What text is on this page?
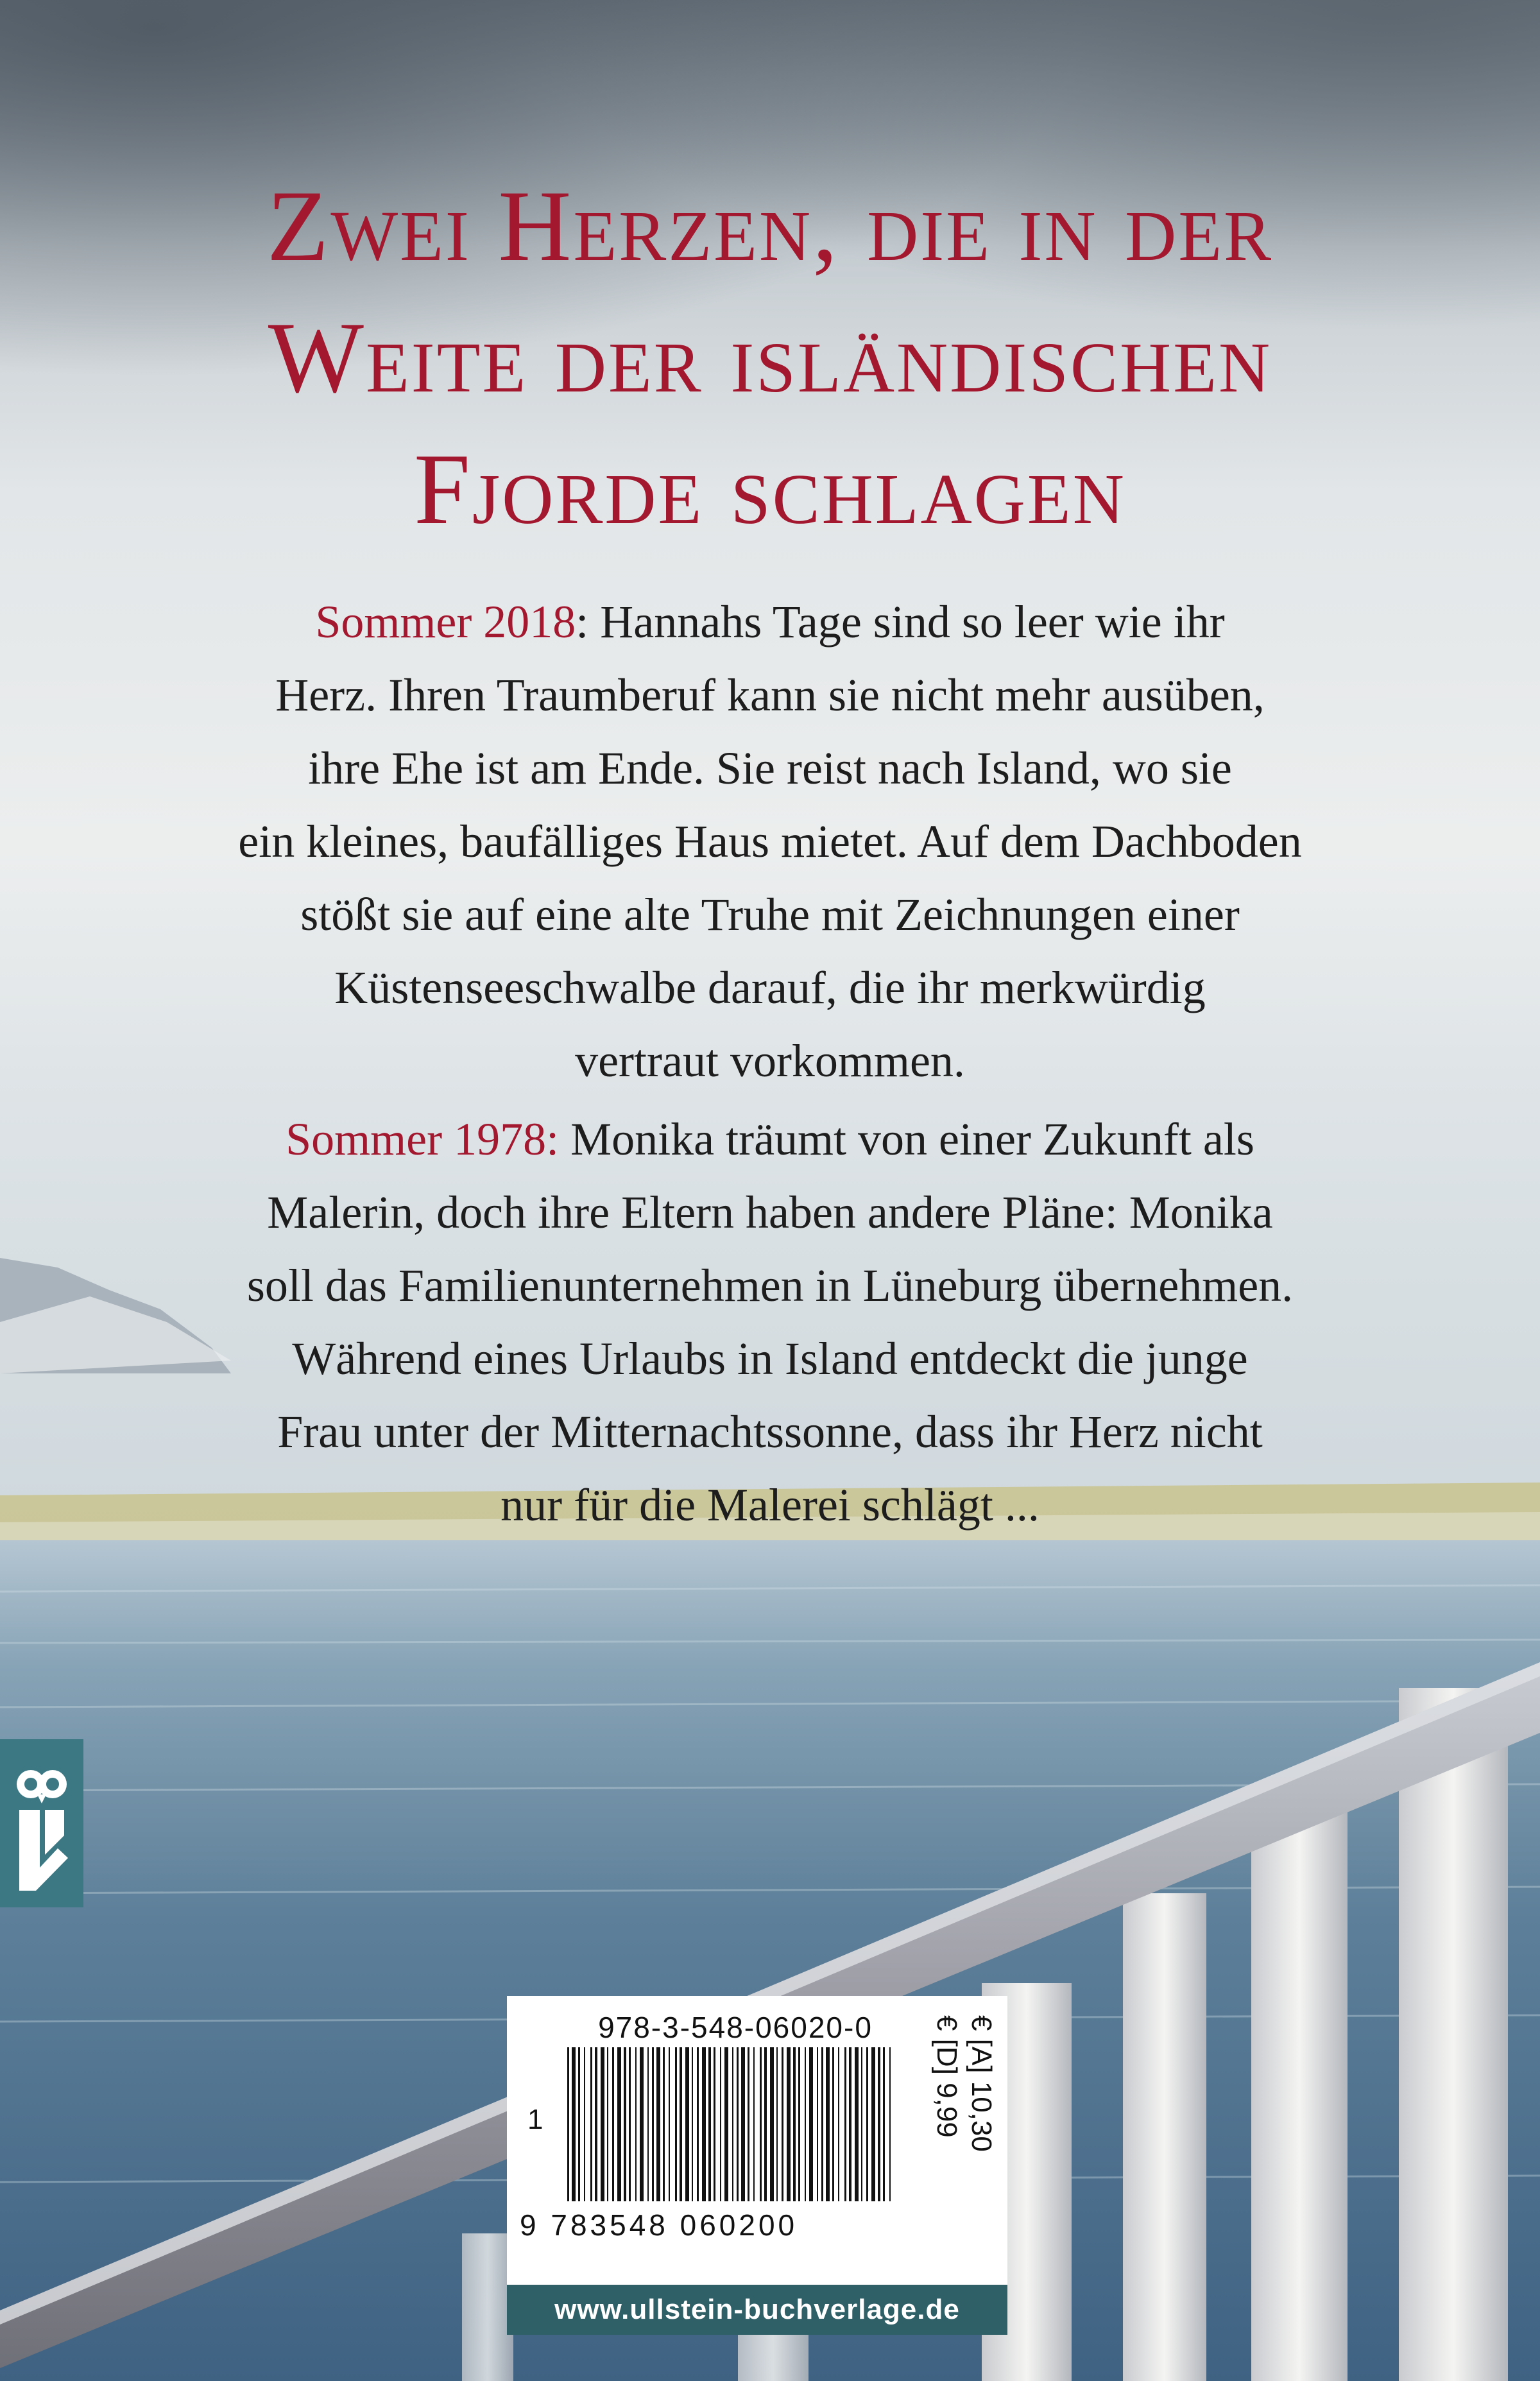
Zwei Herzen, die in der
Weite der isländischen
Fjorde schlagen
Sommer 2018: Hannahs Tage sind so leer wie ihr
Herz. Ihren Traumberuf kann sie nicht mehr ausüben,
ihre Ehe ist am Ende. Sie reist nach Island, wo sie
ein kleines, baufälliges Haus mietet. Auf dem Dachboden
stößt sie auf eine alte Truhe mit Zeichnungen einer
Küstenseeschwalbe darauf, die ihr merkwürdig
vertraut vorkommen.
Sommer 1978: Monika träumt von einer Zukunft als
Malerin, doch ihre Eltern haben andere Pläne: Monika
soll das Familienunternehmen in Lüneburg übernehmen.
Während eines Urlaubs in Island entdeckt die junge
Frau unter der Mitternachtssonne, dass ihr Herz nicht
nur für die Malerei schlägt ...
978-3-548-06020-0
1
9 783548 060200
€ [D] 9,99 € [A] 10,30
www.ullstein-buchverlage.de
